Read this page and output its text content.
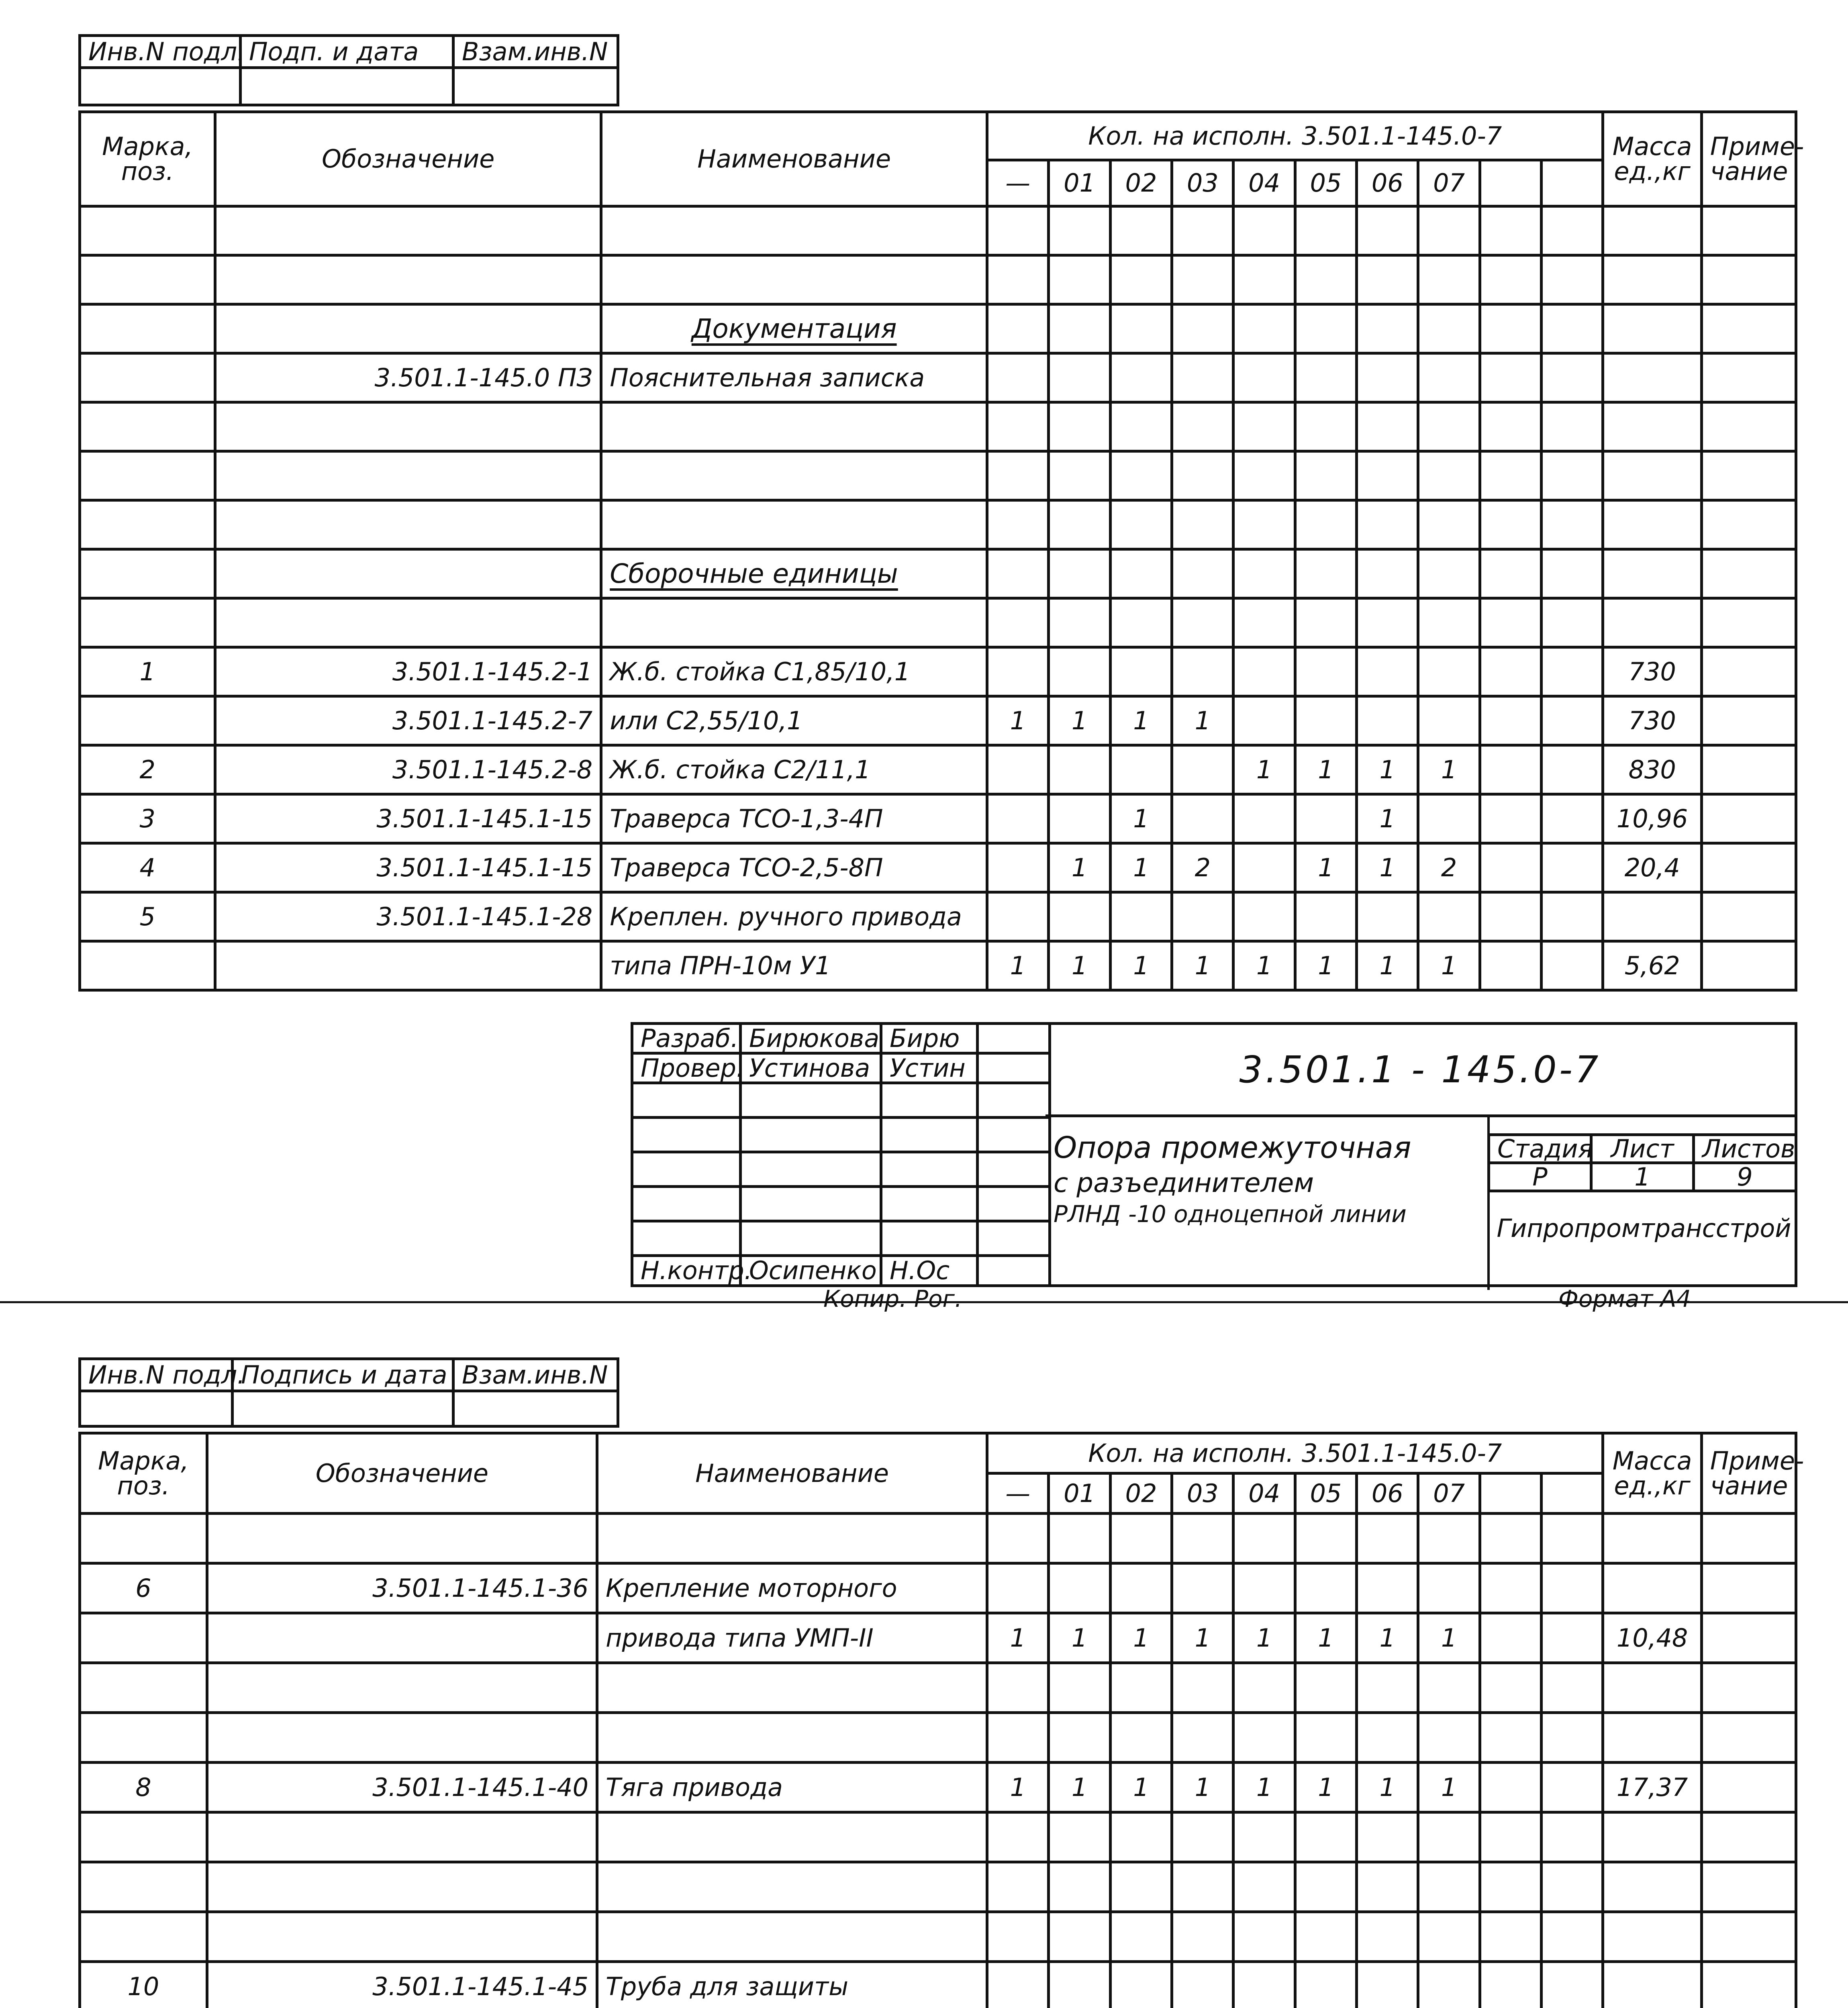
Инв.N подл.	Подп. и дата	Взам.инв.N

Марка, поз.	Обозначение	Наименование	Кол. на исполн. 3.501.1-145.0-7										Масса ед.,кг	Приме- чание
			—	01	02	03	04	05	06	07				

		Документация												
	3.501.1-145.0 ПЗ	Пояснительная записка												

		Сборочные единицы												

1	3.501.1-145.2-1	Ж.б. стойка С1,85/10,1											730	
	3.501.1-145.2-7	или С2,55/10,1	1	1	1	1							730	
2	3.501.1-145.2-8	Ж.б. стойка С2/11,1					1	1	1	1			830	
3	3.501.1-145.1-15	Траверса ТСО-1,3-4П			1				1				10,96	
4	3.501.1-145.1-15	Траверса ТСО-2,5-8П		1	1	2		1	1	2			20,4	
5	3.501.1-145.1-28	Креплен. ручного привода												
		типа ПРН-10м У1	1	1	1	1	1	1	1	1			5,62	
Разраб.	Бирюкова	Бирю	
Провер.	Устинова	Устин	

Н.контр.	Осипенко	Н.Ос	
3.501.1 - 145.0-7
Опора промежуточная
с разъединителем
РЛНД -10 одноцепной линии
Стадия	Лист	Листов
Р	1	9
Гипропромтрансстрой
Копир. Рог.	Формат А4
Инв.N подл.	Подпись и дата	Взам.инв.N

Марка, поз.	Обозначение	Наименование	Кол. на исполн. 3.501.1-145.0-7										Масса ед.,кг	Приме- чание
			—	01	02	03	04	05	06	07				

6	3.501.1-145.1-36	Крепление моторного												
		привода типа УМП-II	1	1	1	1	1	1	1	1			10,48	

8	3.501.1-145.1-40	Тяга привода	1	1	1	1	1	1	1	1			17,37	

10	3.501.1-145.1-45	Труба для защиты												
